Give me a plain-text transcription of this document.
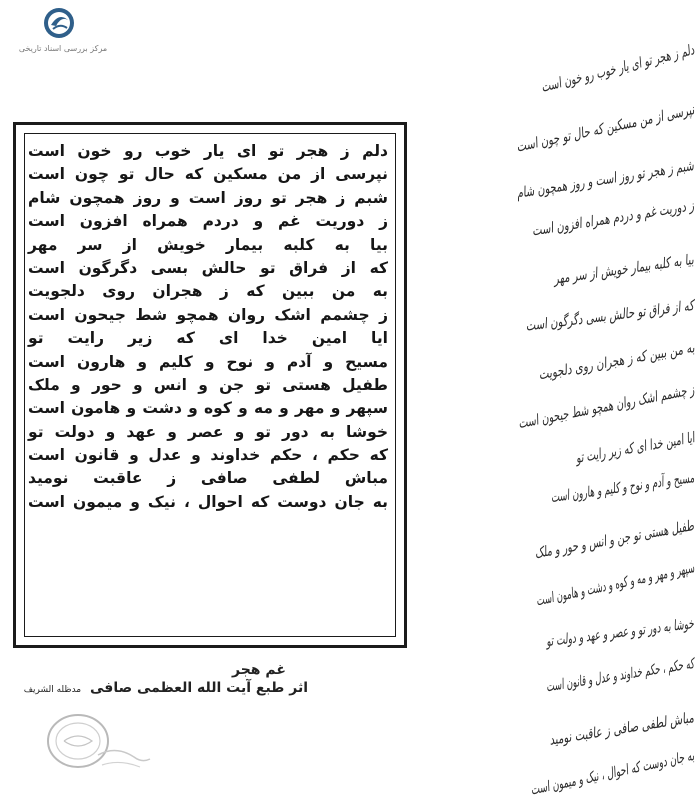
مرکز بررسی اسناد تاریخی
دلم ز هجر تو ای یار خوب رو خون است
نپرسی از من مسکین که حال تو چون است
شبم ز هجر تو روز است و روز همچون شام
ز دوریت غم و دردم همراه افزون است
بیا به کلبه بیمار خویش از سر مهر
که از فراق تو حالش بسی دگرگون است
به من ببین که ز هجران روی دلجویت
ز چشمم اشک روان همچو شط جیحون است
ایا امین خدا ای که زیر رایت تو
مسیح و آدم و نوح و کلیم و هارون است
طفیل هستی تو جن و انس و حور و ملک
سپهر و مهر و مه و کوه و دشت و هامون است
خوشا به دور تو و عصر و عهد و دولت تو
که حکم ، حکم خداوند و عدل و قانون است
مباش لطفی صافی ز عاقبت نومید
به جان دوست که احوال ، نیک و میمون است
غم هجر
اثر طبع آیت الله العظمی صافی مدظله الشریف
دلم ز هجر تو ای یار خوب رو خون است
نپرسی از من مسکین که حال تو چون است
شبم ز هجر تو روز است و روز همچون شام
ز دوریت غم و دردم همراه افزون است
بیا به کلبه بیمار خویش از سر مهر
که از فراق تو حالش بسی دگرگون است
به من ببین که ز هجران روی دلجویت
ز چشمم اشک روان همچو شط جیحون است
ایا امین خدا ای که زیر رایت تو
مسیح و آدم و نوح و کلیم و هارون است
طفیل هستی تو جن و انس و حور و ملک
سپهر و مهر و مه و کوه و دشت و هامون است
خوشا به دور تو و عصر و عهد و دولت تو
که حکم ، حکم خداوند و عدل و قانون است
مباش لطفی صافی ز عاقبت نومید
به جان دوست که احوال ، نیک و میمون است
